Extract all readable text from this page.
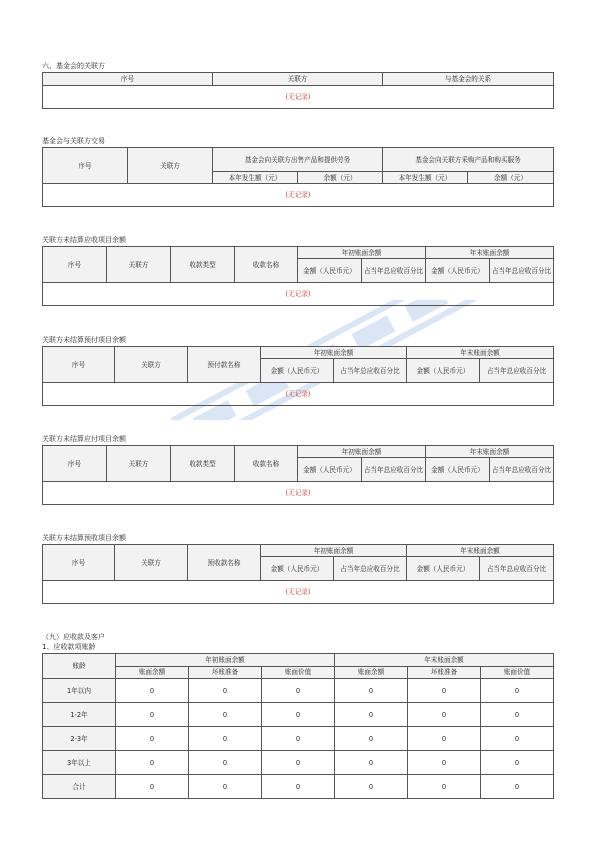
六、基金会的关联方
序号	关联方	与基金会的关系
(无记录)
基金会与关联方交易
序号	关联方	基金会向关联方出售产品和提供劳务		基金会向关联方采购产品和购买服务	
		本年发生额（元）	余额（元）	本年发生额（元）	余额（元）
(无记录)					
关联方未结算应收项目余额
序号	关联方	收款类型	收款名称	年初账面余额		年末账面余额	
				金额（人民币元）	占当年总应收百分比	金额（人民币元）	占当年总应收百分比
(无记录)							
关联方未结算预付项目余额
序号	关联方	预付款名称	年初账面余额		年末账面余额	
			金额（人民币元）	占当年总应收百分比	金额（人民币元）	占当年总应收百分比
(无记录)						
关联方未结算应付项目余额
序号	关联方	收款类型	收款名称	年初账面余额		年末账面余额	
				金额（人民币元）	占当年总应收百分比	金额（人民币元）	占当年总应收百分比
(无记录)							
关联方未结算预收项目余额
序号	关联方	预收款名称	年初账面余额		年末账面余额	
			金额（人民币元）	占当年总应收百分比	金额（人民币元）	占当年总应收百分比
(无记录)						
（九）应收款及客户
1、应收款项账龄
账龄	年初账面余额			年末账面余额		
	账面余额	坏账准备	账面价值	账面余额	坏账准备	账面价值
1年以内	0	0	0	0	0	0
1-2年	0	0	0	0	0	0
2-3年	0	0	0	0	0	0
3年以上	0	0	0	0	0	0
合计	0	0	0	0	0	0
